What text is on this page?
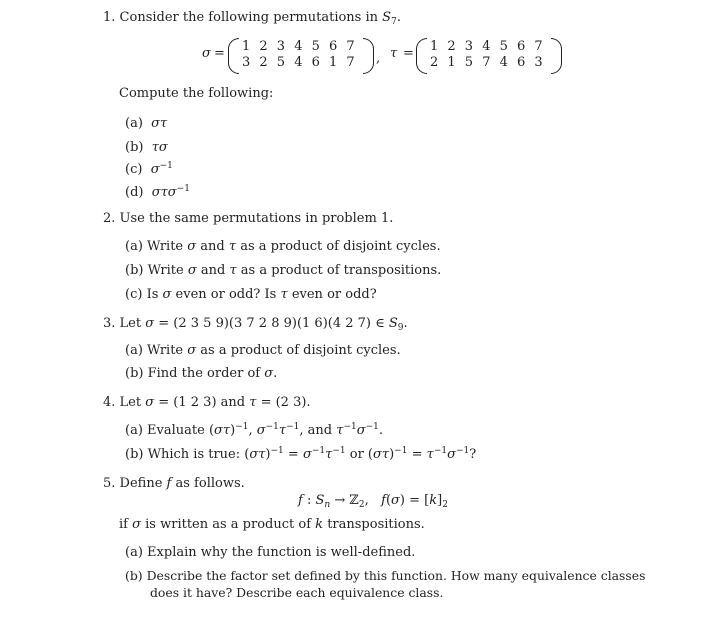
1. Consider the following permutations in $S_7$.
σ = 1 2 3 4 5 6 7
3 2 5 4 6 1 7 , τ = 1 2 3 4 5 6 7
2 1 5 7 4 6 3
Compute the following:
(a) στ
(b) τσ
(c) $\sigma^{-1}$
(d) στσ$^{-1}$
2. Use the same permutations in problem 1.
(a) Write σ and τ as a product of disjoint cycles.
(b) Write σ and τ as a product of transpositions.
(c) Is σ even or odd? Is τ even or odd?
3. Let σ = (2 3 5 9)(3 7 2 8 9)(1 6)(4 2 7) ∈ $S_9$.
(a) Write σ as a product of disjoint cycles.
(b) Find the order of σ.
4. Let σ = (1 2 3) and τ = (2 3).
(a) Evaluate $(\sigma\tau)^{-1}$, $\sigma^{-1}\tau^{-1}$, and $\tau^{-1}\sigma^{-1}$.
(b) Which is true: $(\sigma\tau)^{-1} = \sigma^{-1}\tau^{-1}$ or $(\sigma\tau)^{-1} = \tau^{-1}\sigma^{-1}$?
5. Define f as follows.
f : $S_n$ → ℤ$_2$, $f(\sigma) = [k]_2$
if σ is written as a product of k transpositions.
(a) Explain why the function is well-defined.
(b) Describe the factor set defined by this function. How many equivalence classes
does it have? Describe each equivalence class.
